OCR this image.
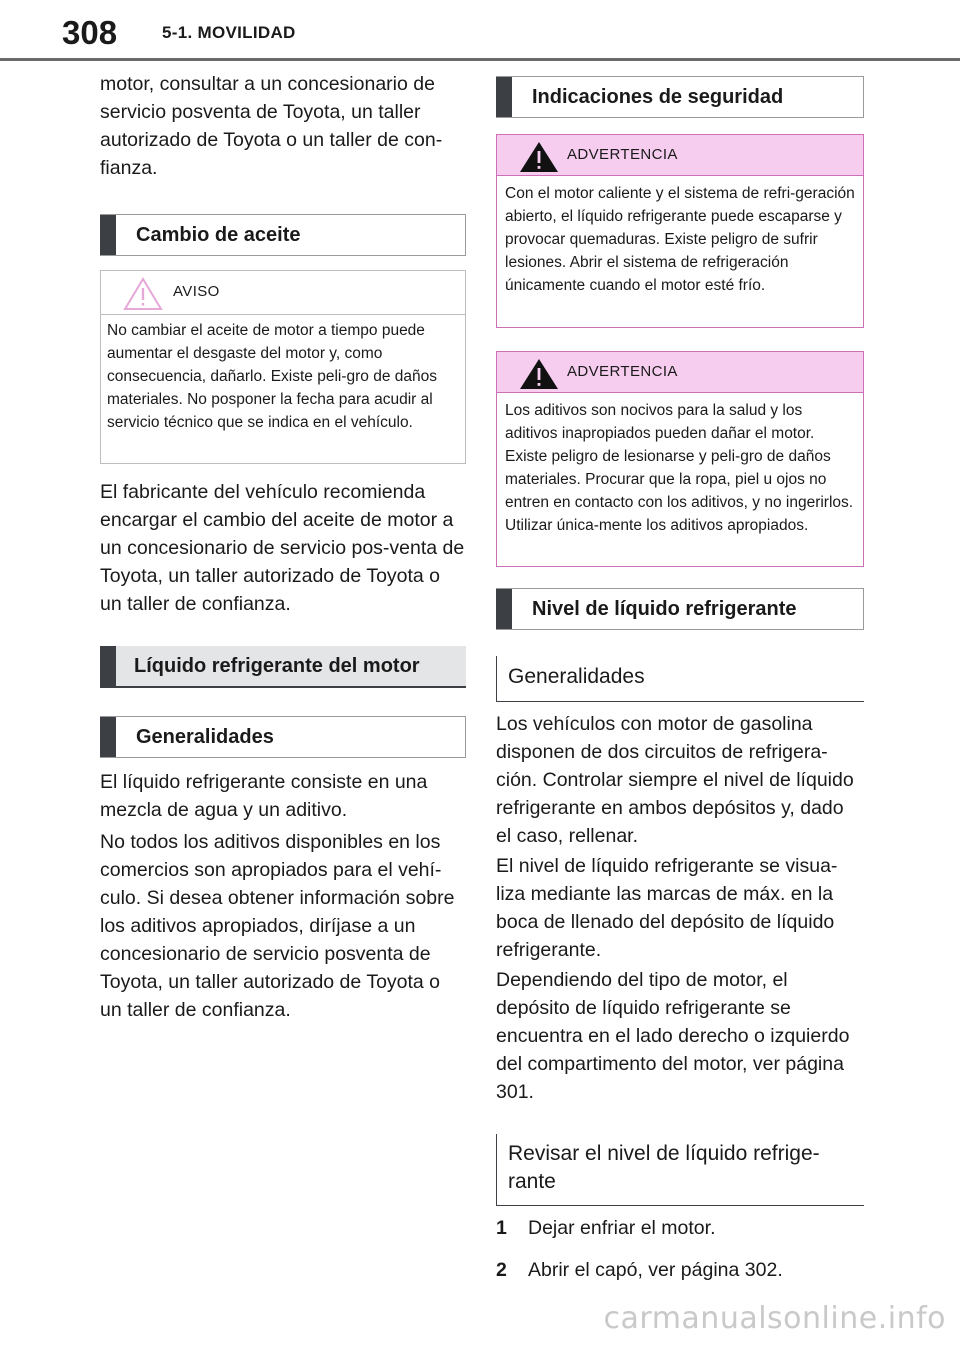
308	5-1. MOVILIDAD

motor, consultar a un concesionario de servicio posventa de Toyota, un taller autorizado de Toyota o un taller de con-fianza.

Cambio de aceite
AVISO
No cambiar el aceite de motor a tiempo puede aumentar el desgaste del motor y, como consecuencia, dañarlo. Existe peli-gro de daños materiales. No posponer la fecha para acudir al servicio técnico que se indica en el vehículo.

El fabricante del vehículo recomienda encargar el cambio del aceite de motor a un concesionario de servicio pos-venta de Toyota, un taller autorizado de Toyota o un taller de confianza.

Líquido refrigerante del motor
Generalidades

El líquido refrigerante consiste en una mezcla de agua y un aditivo.

No todos los aditivos disponibles en los comercios son apropiados para el vehí-culo. Si desea obtener información sobre los aditivos apropiados, diríjase a un concesionario de servicio posventa de Toyota, un taller autorizado de Toyota o un taller de confianza.

Indicaciones de seguridad
ADVERTENCIA
Con el motor caliente y el sistema de refri-geración abierto, el líquido refrigerante puede escaparse y provocar quemaduras. Existe peligro de sufrir lesiones. Abrir el sistema de refrigeración únicamente cuando el motor esté frío.
ADVERTENCIA
Los aditivos son nocivos para la salud y los aditivos inapropiados pueden dañar el motor. Existe peligro de lesionarse y peli-gro de daños materiales. Procurar que la ropa, piel u ojos no entren en contacto con los aditivos, y no ingerirlos. Utilizar única-mente los aditivos apropiados.
Nivel de líquido refrigerante
Generalidades

Los vehículos con motor de gasolina disponen de dos circuitos de refrigera-ción. Controlar siempre el nivel de líquido refrigerante en ambos depósitos y, dado el caso, rellenar.

El nivel de líquido refrigerante se visua-liza mediante las marcas de máx. en la boca de llenado del depósito de líquido refrigerante.

Dependiendo del tipo de motor, el depósito de líquido refrigerante se encuentra en el lado derecho o izquierdo del compartimento del motor, ver página 301.

Revisar el nivel de líquido refrige-rante
1 Dejar enfriar el motor.
2 Abrir el capó, ver página 302.
carmanualsonline.info
